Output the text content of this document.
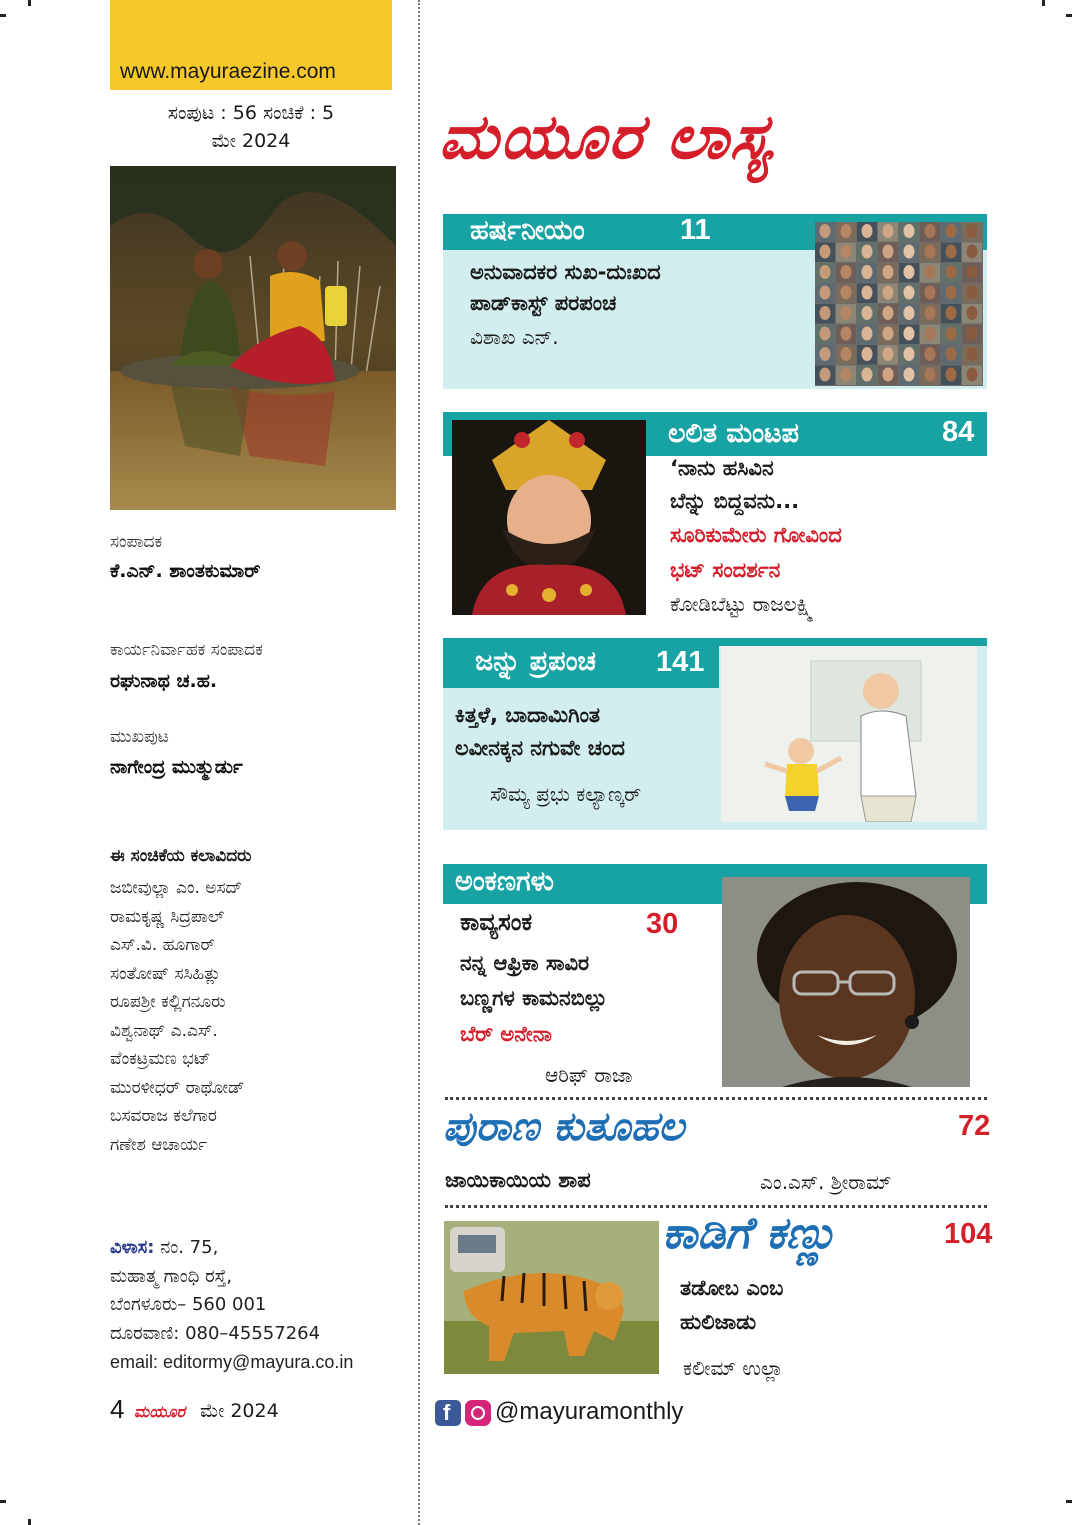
www.mayuraezine.com
ಸಂಪುಟ : 56 ಸಂಚಿಕೆ : 5
ಮೇ 2024
ಸಂಪಾದಕ
ಕೆ.ಎನ್. ಶಾಂತಕುಮಾರ್
ಕಾರ್ಯನಿರ್ವಾಹಕ ಸಂಪಾದಕ
ರಘುನಾಥ ಚ.ಹ.
ಮುಖಪುಟ
ನಾಗೇಂದ್ರ ಮುತ್ಮುರ್ಡು
ಈ ಸಂಚಿಕೆಯ ಕಲಾವಿದರು
ಜಬೀವುಲ್ಲಾ ಎಂ. ಅಸದ್
ರಾಮಕೃಷ್ಣ ಸಿದ್ರಪಾಲ್
ಎಸ್.ವಿ. ಹೂಗಾರ್
ಸಂತೋಷ್ ಸಸಿಹಿತ್ಲು
ರೂಪಶ್ರೀ ಕಲ್ಲಿಗನೂರು
ವಿಶ್ವನಾಥ್ ಎ.ಎಸ್.
ವೆಂಕಟ್ರಮಣ ಭಟ್
ಮುರಳೀಧರ್ ರಾಥೋಡ್
ಬಸವರಾಜ ಕಲೆಗಾರ
ಗಣೇಶ ಆಚಾರ್ಯ
ವಿಳಾಸ: ನಂ. 75,
ಮಹಾತ್ಮ ಗಾಂಧಿ ರಸ್ತೆ,
ಬೆಂಗಳೂರು– 560 001
ದೂರವಾಣಿ: 080–45557264
email: editormy@mayura.co.in
4 ಮಯೂರ ಮೇ 2024
ಮಯೂರ ಲಾಸ್ಯ
ಹರ್ಷನೀಯಂ	11
ಅನುವಾದಕರ ಸುಖ-ದುಃಖದ
ಪಾಡ್‌ಕಾಸ್ಟ್ ಪರಪಂಚ
ವಿಶಾಖ ಎನ್.
ಲಲಿತ ಮಂಟಪ	84
‘ನಾನು ಹಸಿವಿನ
ಬೆನ್ನು ಬಿದ್ದವನು...
ಸೂರಿಕುಮೇರು ಗೋವಿಂದ
ಭಟ್ ಸಂದರ್ಶನ
ಕೋಡಿಬೆಟ್ಟು ರಾಜಲಕ್ಷ್ಮಿ
ಜನ್ನು ಪ್ರಪಂಚ 141
ಕಿತ್ತಳೆ, ಬಾದಾಮಿಗಿಂತ
ಲವೀನಕ್ಕನ ನಗುವೇ ಚಂದ
ಸೌಮ್ಯ ಪ್ರಭು ಕಲ್ಯಾಣ್ಕರ್
ಅಂಕಣಗಳು
ಕಾವ್ಯಸಂಕ	30
ನನ್ನ ಆಫ್ರಿಕಾ ಸಾವಿರ
ಬಣ್ಣಗಳ ಕಾಮನಬಿಲ್ಲು
ಬೆರ್ ಅನೇನಾ
ಆರಿಫ್ ರಾಜಾ
ಪುರಾಣ ಕುತೂಹಲ	72
ಜಾಯಿಕಾಯಿಯ ಶಾಪ	ಎಂ.ಎಸ್. ಶ್ರೀರಾಮ್
ಕಾಡಿಗೆ ಕಣ್ಣು	104
ತಡೋಬ ಎಂಬ
ಹುಲಿಜಾಡು
ಕಲೀಮ್ ಉಲ್ಲಾ
f @mayuramonthly
